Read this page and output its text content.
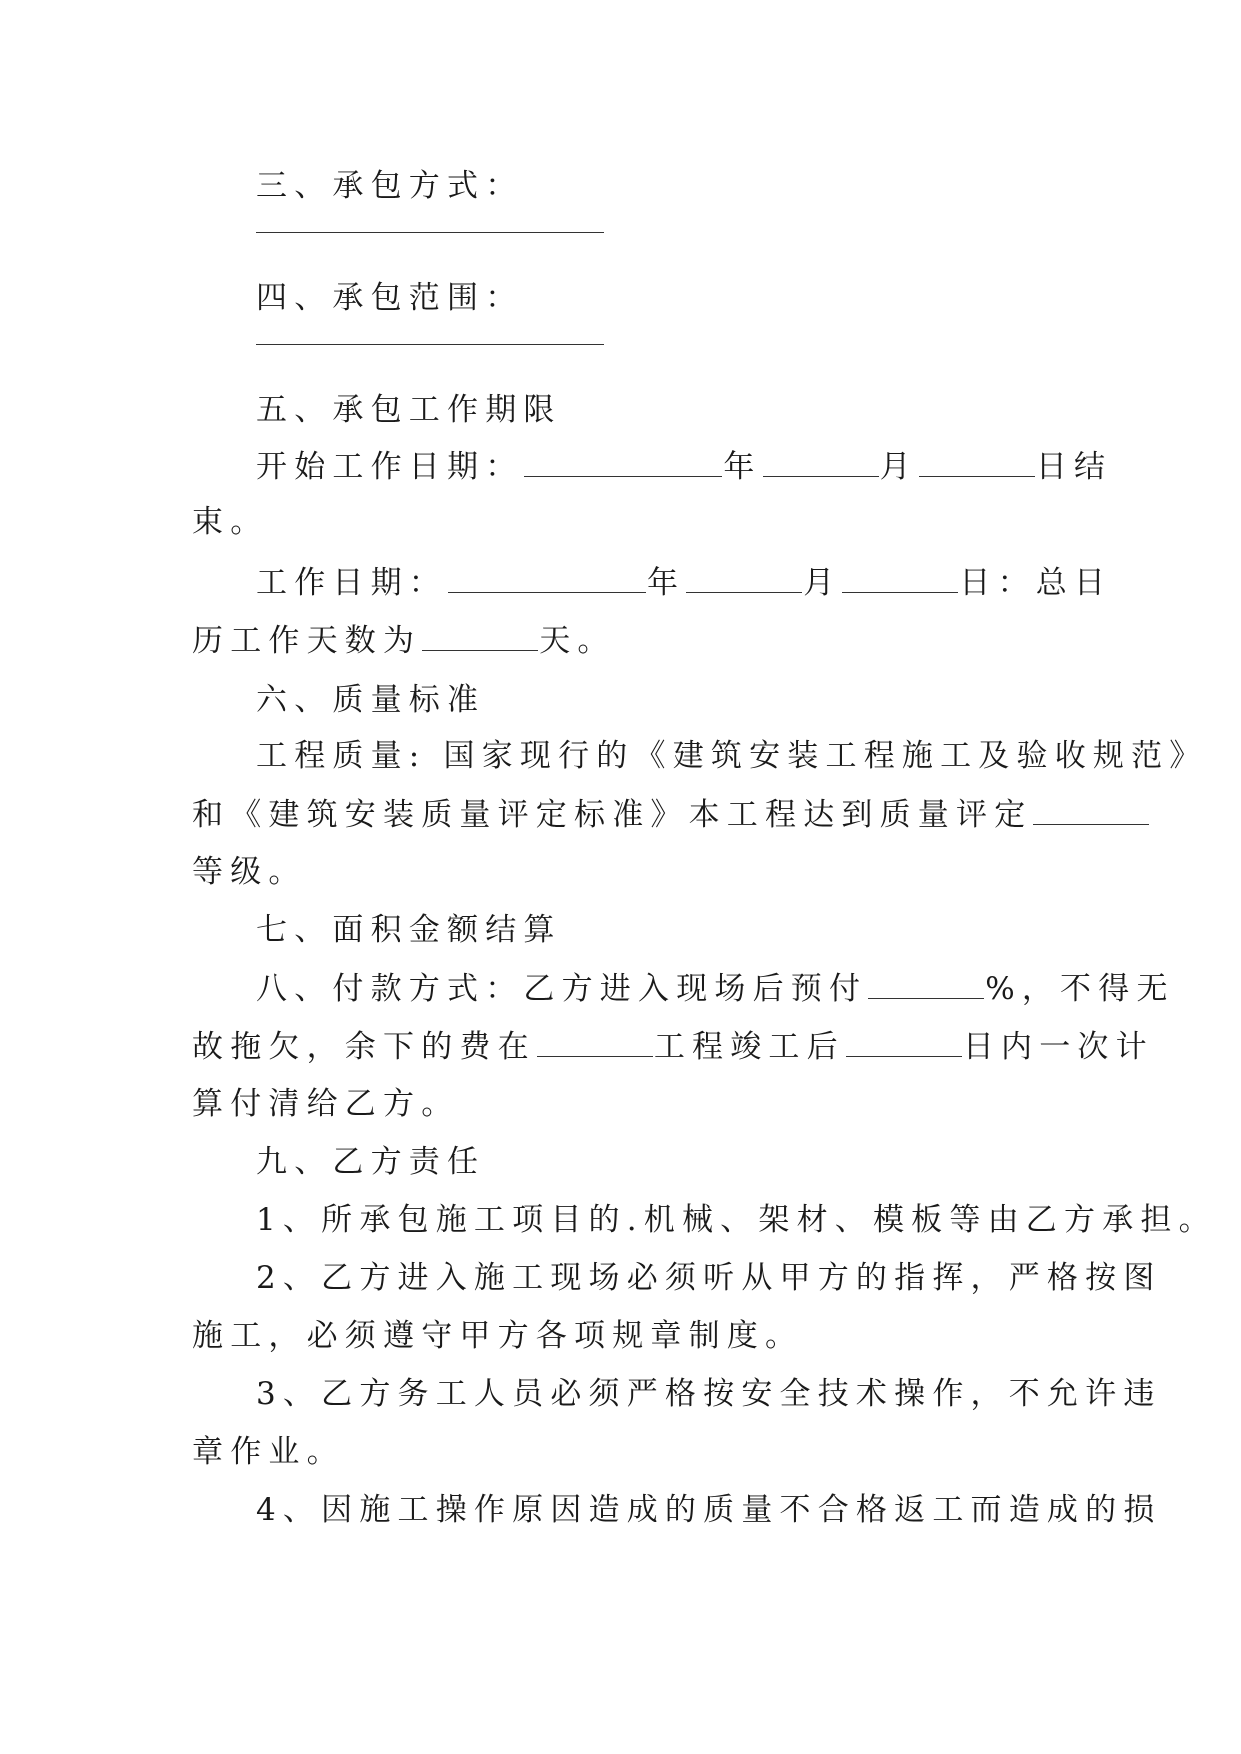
三、承包方式：
四、承包范围：
五、承包工作期限
开始工作日期：	年	月	日结
束。
工作日期：	年	月	日：总日
历工作天数为	天。
六、质量标准
工程质量: 国家现行的《建筑安装工程施工及验收规范》
和《建筑安装质量评定标准》本工程达到质量评定
等级。
七、面积金额结算
八、付款方式：乙方进入现场后预付	%，不得无
故拖欠，余下的费在	工程竣工后	日内一次计
算付清给乙方。
九、乙方责任
1、所承包施工项目的.机械、架材、模板等由乙方承担。
2、乙方进入施工现场必须听从甲方的指挥，严格按图
施工，必须遵守甲方各项规章制度。
3、乙方务工人员必须严格按安全技术操作，不允许违
章作业。
4、因施工操作原因造成的质量不合格返工而造成的损
